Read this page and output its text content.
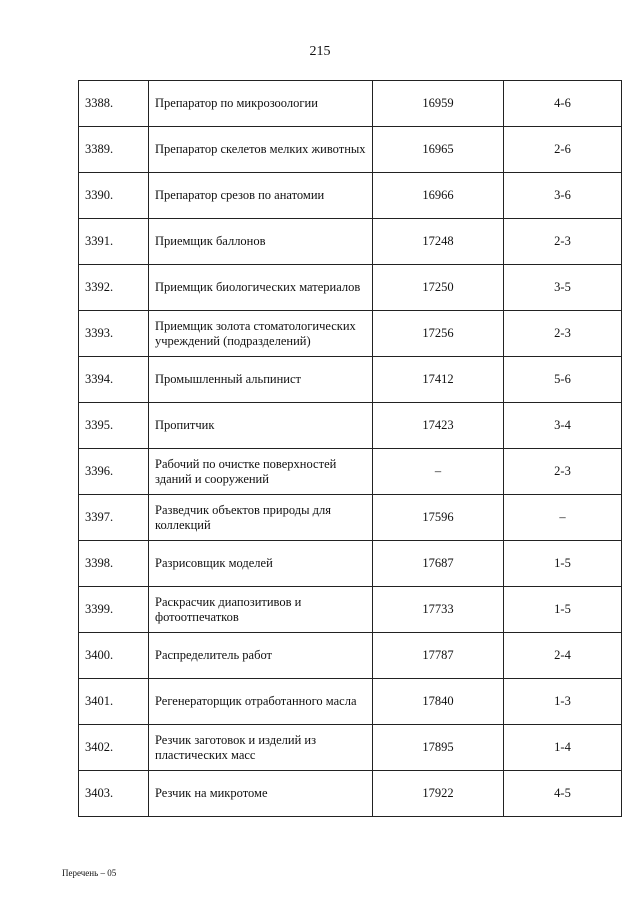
215
3388.	Препаратор по микрозоологии	16959	4-6
3389.	Препаратор скелетов мелких животных	16965	2-6
3390.	Препаратор срезов по анатомии	16966	3-6
3391.	Приемщик баллонов	17248	2-3
3392.	Приемщик биологических материалов	17250	3-5
3393.	Приемщик золота стоматологических учреждений (подразделений)	17256	2-3
3394.	Промышленный альпинист	17412	5-6
3395.	Пропитчик	17423	3-4
3396.	Рабочий по очистке поверхностей зданий и сооружений	–	2-3
3397.	Разведчик объектов природы для коллекций	17596	–
3398.	Разрисовщик моделей	17687	1-5
3399.	Раскрасчик диапозитивов и фотоотпечатков	17733	1-5
3400.	Распределитель работ	17787	2-4
3401.	Регенераторщик отработанного масла	17840	1-3
3402.	Резчик заготовок и изделий из пластических масс	17895	1-4
3403.	Резчик на микротоме	17922	4-5
Перечень – 05
